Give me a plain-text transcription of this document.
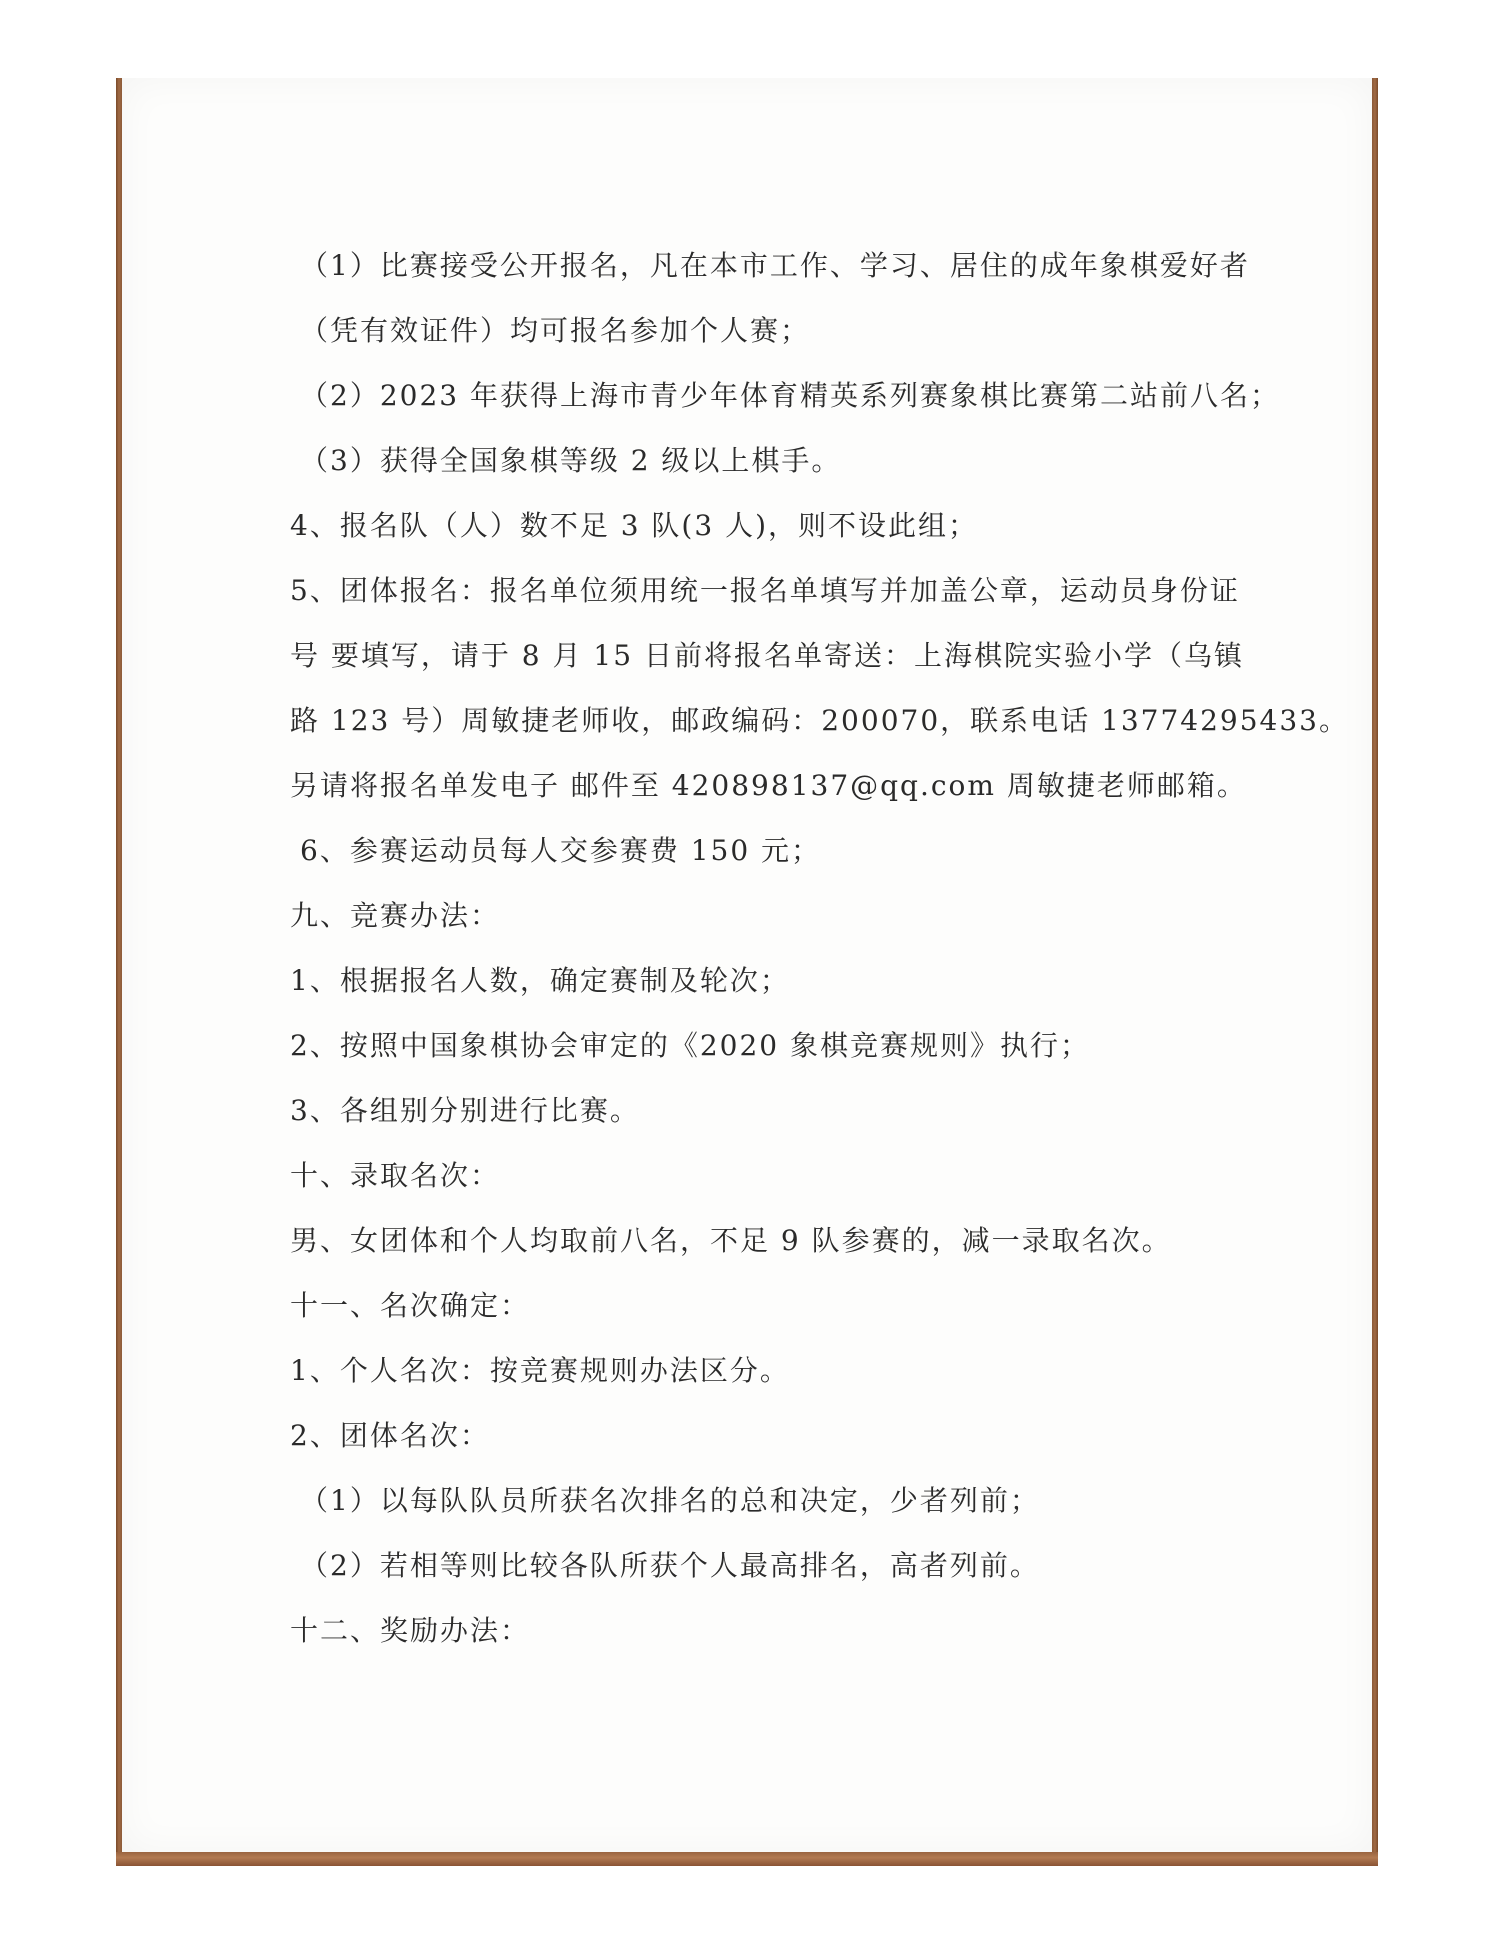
（1）比赛接受公开报名，凡在本市工作、学习、居住的成年象棋爱好者

（凭有效证件）均可报名参加个人赛；

（2）2023 年获得上海市青少年体育精英系列赛象棋比赛第二站前八名；

（3）获得全国象棋等级 2 级以上棋手。

4、报名队（人）数不足 3 队(3 人)，则不设此组；

5、团体报名：报名单位须用统一报名单填写并加盖公章，运动员身份证

号 要填写，请于 8 月 15 日前将报名单寄送：上海棋院实验小学（乌镇

路 123 号）周敏捷老师收，邮政编码：200070，联系电话 13774295433。

另请将报名单发电子 邮件至 420898137@qq.com 周敏捷老师邮箱。

6、参赛运动员每人交参赛费 150 元；

九、竞赛办法：

1、根据报名人数，确定赛制及轮次；

2、按照中国象棋协会审定的《2020 象棋竞赛规则》执行；

3、各组别分别进行比赛。

十、录取名次：

男、女团体和个人均取前八名，不足 9 队参赛的，减一录取名次。

十一、名次确定：

1、个人名次：按竞赛规则办法区分。

2、团体名次：

（1）以每队队员所获名次排名的总和决定，少者列前；

（2）若相等则比较各队所获个人最高排名，高者列前。

十二、奖励办法：
